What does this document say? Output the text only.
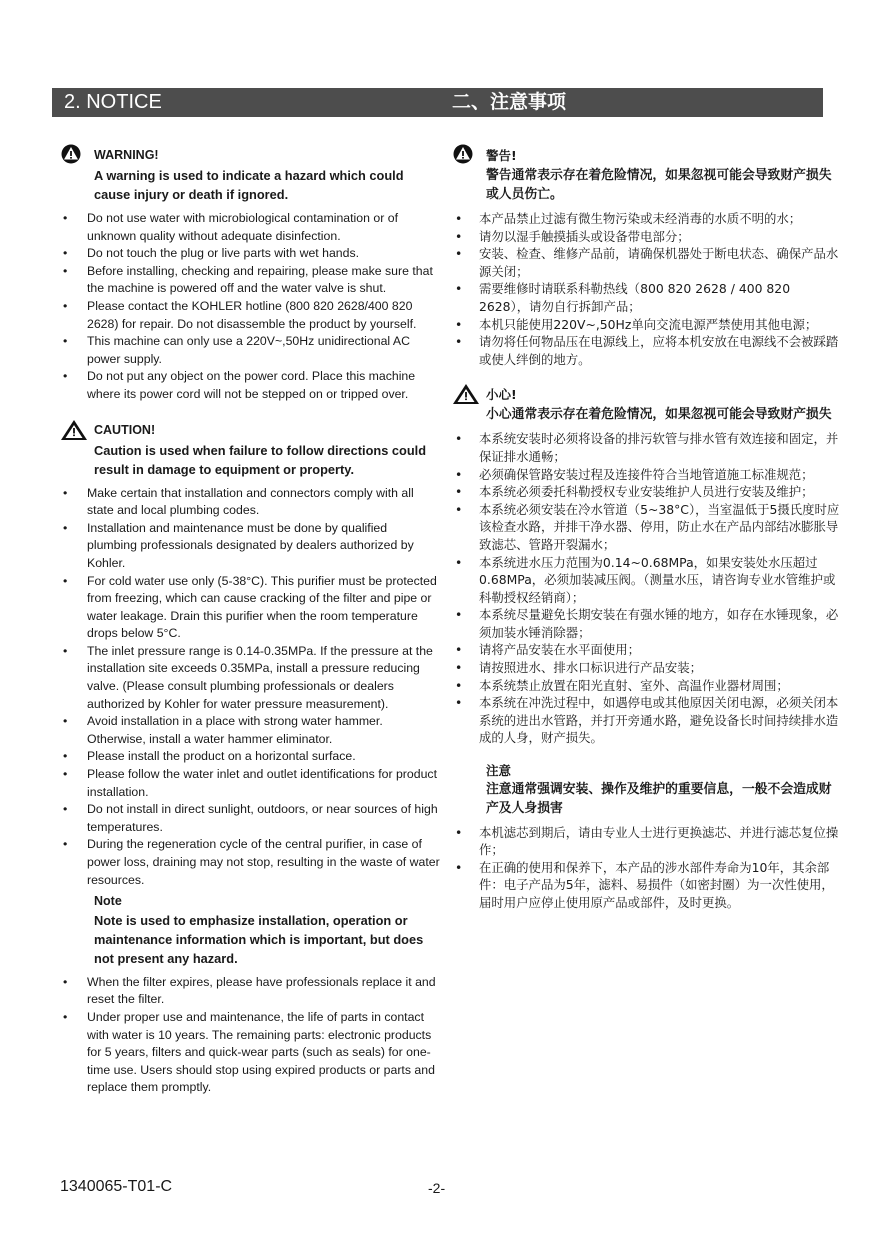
2. NOTICE	二、注意事项
WARNING!
A warning is used to indicate a hazard which could cause injury or death if ignored.
• Do not use water with microbiological contamination or of unknown quality without adequate disinfection.
• Do not touch the plug or live parts with wet hands.
• Before installing, checking and repairing, please make sure that the machine is powered off and the water valve is shut.
• Please contact the KOHLER hotline (800 820 2628/400 820 2628) for repair. Do not disassemble the product by yourself.
• This machine can only use a 220V~,50Hz unidirectional AC power supply.
• Do not put any object on the power cord. Place this machine where its power cord will not be stepped on or tripped over.
CAUTION!
Caution is used when failure to follow directions could result in damage to equipment or property.
• Make certain that installation and connectors comply with all state and local plumbing codes.
• Installation and maintenance must be done by qualified plumbing professionals designated by dealers authorized by Kohler.
• For cold water use only (5-38°C). This purifier must be protected from freezing, which can cause cracking of the filter and pipe or water leakage. Drain this purifier when the room temperature drops below 5°C.
• The inlet pressure range is 0.14-0.35MPa. If the pressure at the installation site exceeds 0.35MPa, install a pressure reducing valve. (Please consult plumbing professionals or dealers authorized by Kohler for water pressure measurement).
• Avoid installation in a place with strong water hammer. Otherwise, install a water hammer eliminator.
• Please install the product on a horizontal surface.
• Please follow the water inlet and outlet identifications for product installation.
• Do not install in direct sunlight, outdoors, or near sources of high temperatures.
• During the regeneration cycle of the central purifier, in case of power loss, draining may not stop, resulting in the waste of water resources.
Note
Note is used to emphasize installation, operation or maintenance information which is important, but does not present any hazard.
• When the filter expires, please have professionals replace it and reset the filter.
• Under proper use and maintenance, the life of parts in contact with water is 10 years. The remaining parts: electronic products for 5 years, filters and quick-wear parts (such as seals) for one-time use. Users should stop using expired products or parts and replace them promptly.
警告!
警告通常表示存在着危险情况，如果忽视可能会导致财产损失或人员伤亡。
• 本产品禁止过滤有微生物污染或未经消毒的水质不明的水；
• 请勿以湿手触摸插头或设备带电部分；
• 安装、检查、维修产品前，请确保机器处于断电状态、确保产品水源关闭；
• 需要维修时请联系科勒热线（800 820 2628 / 400 820 2628），请勿自行拆卸产品；
• 本机只能使用220V~,50Hz单向交流电源严禁使用其他电源；
• 请勿将任何物品压在电源线上，应将本机安放在电源线不会被踩踏或使人绊倒的地方。
小心!
小心通常表示存在着危险情况，如果忽视可能会导致财产损失
• 本系统安装时必须将设备的排污软管与排水管有效连接和固定，并保证排水通畅；
• 必须确保管路安装过程及连接件符合当地管道施工标准规范；
• 本系统必须委托科勒授权专业安装维护人员进行安装及维护；
• 本系统必须安装在冷水管道（5~38°C），当室温低于5摄氏度时应该检查水路，并排干净水器、停用，防止水在产品内部结冰膨胀导致滤芯、管路开裂漏水；
• 本系统进水压力范围为0.14~0.68MPa，如果安装处水压超过0.68MPa，必须加装减压阀。（测量水压，请咨询专业水管维护或科勒授权经销商）；
• 本系统尽量避免长期安装在有强水锤的地方，如存在水锤现象，必须加装水锤消除器；
• 请将产品安装在水平面使用；
• 请按照进水、排水口标识进行产品安装；
• 本系统禁止放置在阳光直射、室外、高温作业器材周围；
• 本系统在冲洗过程中，如遇停电或其他原因关闭电源，必须关闭本系统的进出水管路，并打开旁通水路，避免设备长时间持续排水造成的人身，财产损失。
注意
注意通常强调安装、操作及维护的重要信息，一般不会造成财产及人身损害
• 本机滤芯到期后，请由专业人士进行更换滤芯、并进行滤芯复位操作；
• 在正确的使用和保养下，本产品的涉水部件寿命为10年，其余部件：电子产品为5年，滤料、易损件（如密封圈）为一次性使用，届时用户应停止使用原产品或部件，及时更换。
1340065-T01-C	-2-
